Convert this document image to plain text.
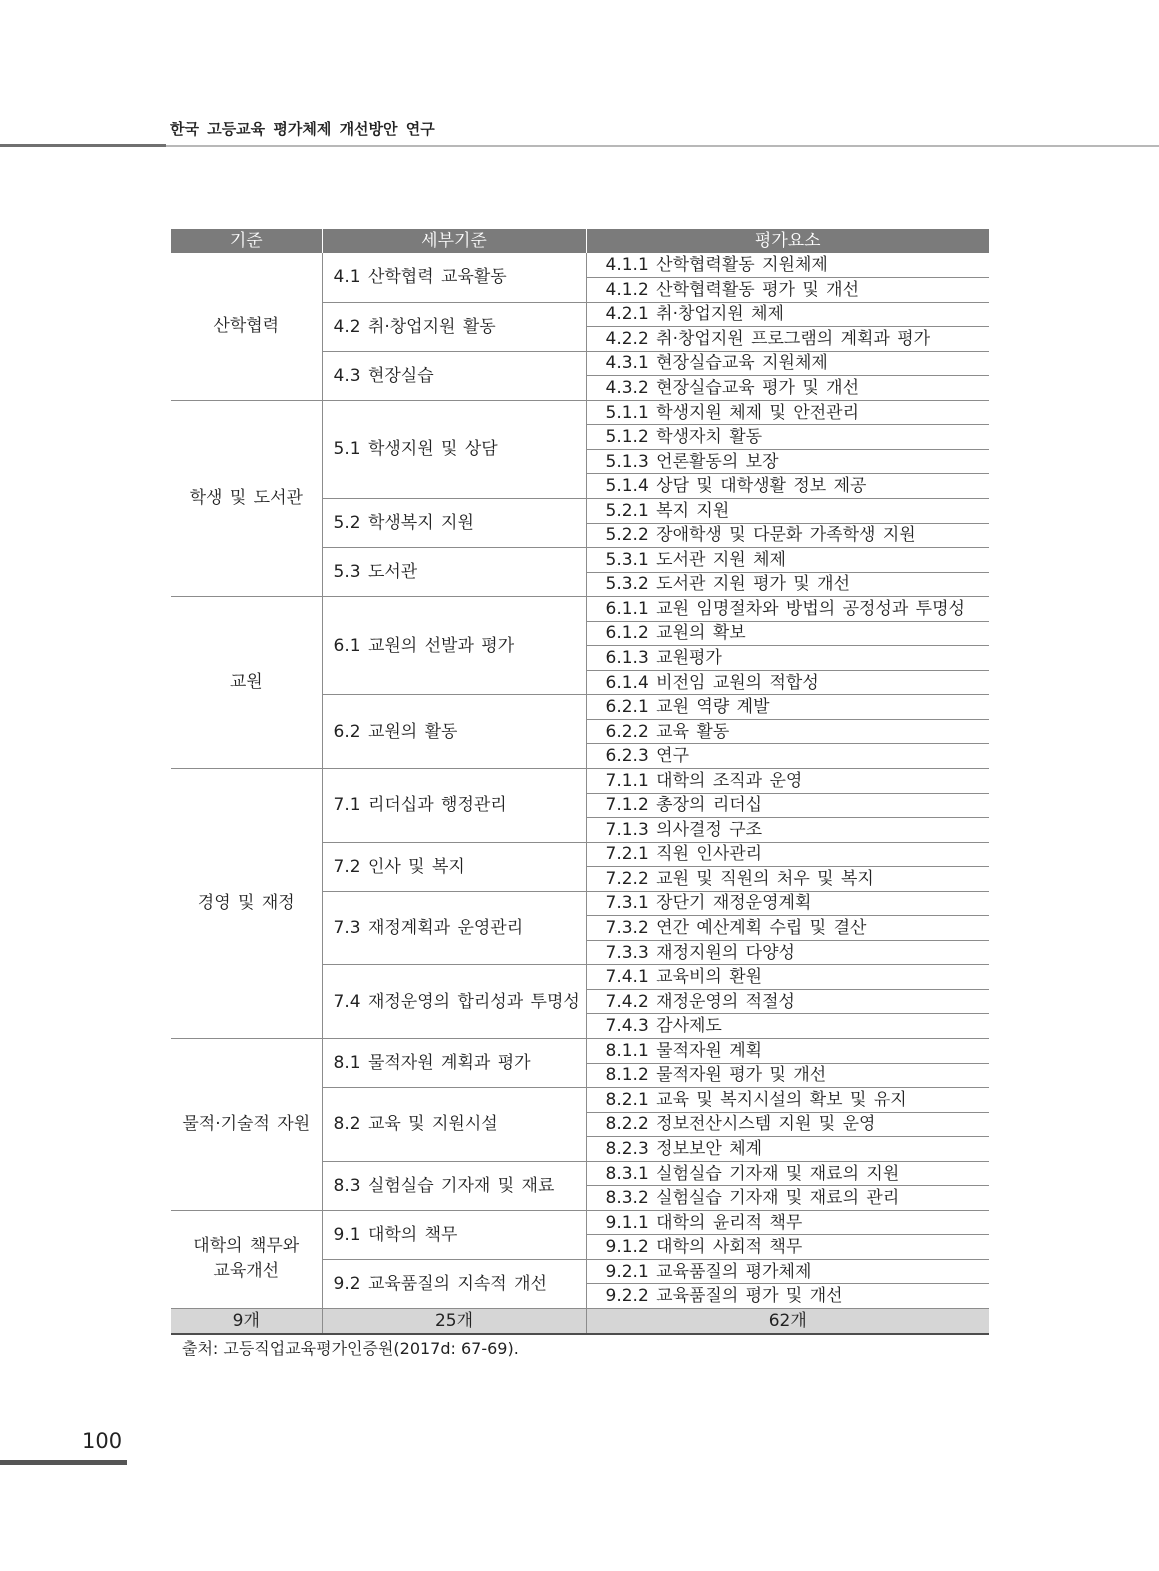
한국 고등교육 평가체제 개선방안 연구
기준	세부기준	평가요소
산학협력	4.1 산학협력 교육활동	4.1.1 산학협력활동 지원체제
		4.1.2 산학협력활동 평가 및 개선
	4.2 취·창업지원 활동	4.2.1 취·창업지원 체제
		4.2.2 취·창업지원 프로그램의 계획과 평가
	4.3 현장실습	4.3.1 현장실습교육 지원체제
		4.3.2 현장실습교육 평가 및 개선
학생 및 도서관	5.1 학생지원 및 상담	5.1.1 학생지원 체제 및 안전관리
		5.1.2 학생자치 활동
		5.1.3 언론활동의 보장
		5.1.4 상담 및 대학생활 정보 제공
	5.2 학생복지 지원	5.2.1 복지 지원
		5.2.2 장애학생 및 다문화 가족학생 지원
	5.3 도서관	5.3.1 도서관 지원 체제
		5.3.2 도서관 지원 평가 및 개선
교원	6.1 교원의 선발과 평가	6.1.1 교원 임명절차와 방법의 공정성과 투명성
		6.1.2 교원의 확보
		6.1.3 교원평가
		6.1.4 비전임 교원의 적합성
	6.2 교원의 활동	6.2.1 교원 역량 계발
		6.2.2 교육 활동
		6.2.3 연구
경영 및 재정	7.1 리더십과 행정관리	7.1.1 대학의 조직과 운영
		7.1.2 총장의 리더십
		7.1.3 의사결정 구조
	7.2 인사 및 복지	7.2.1 직원 인사관리
		7.2.2 교원 및 직원의 처우 및 복지
	7.3 재정계획과 운영관리	7.3.1 장단기 재정운영계획
		7.3.2 연간 예산계획 수립 및 결산
		7.3.3 재정지원의 다양성
	7.4 재정운영의 합리성과 투명성	7.4.1 교육비의 환원
		7.4.2 재정운영의 적절성
		7.4.3 감사제도
물적·기술적 자원	8.1 물적자원 계획과 평가	8.1.1 물적자원 계획
		8.1.2 물적자원 평가 및 개선
	8.2 교육 및 지원시설	8.2.1 교육 및 복지시설의 확보 및 유지
		8.2.2 정보전산시스템 지원 및 운영
		8.2.3 정보보안 체계
	8.3 실험실습 기자재 및 재료	8.3.1 실험실습 기자재 및 재료의 지원
		8.3.2 실험실습 기자재 및 재료의 관리
대학의 책무와
교육개선	9.1 대학의 책무	9.1.1 대학의 윤리적 책무
		9.1.2 대학의 사회적 책무
	9.2 교육품질의 지속적 개선	9.2.1 교육품질의 평가체제
		9.2.2 교육품질의 평가 및 개선
9개	25개	62개
출처: 고등직업교육평가인증원(2017d: 67-69).
100
